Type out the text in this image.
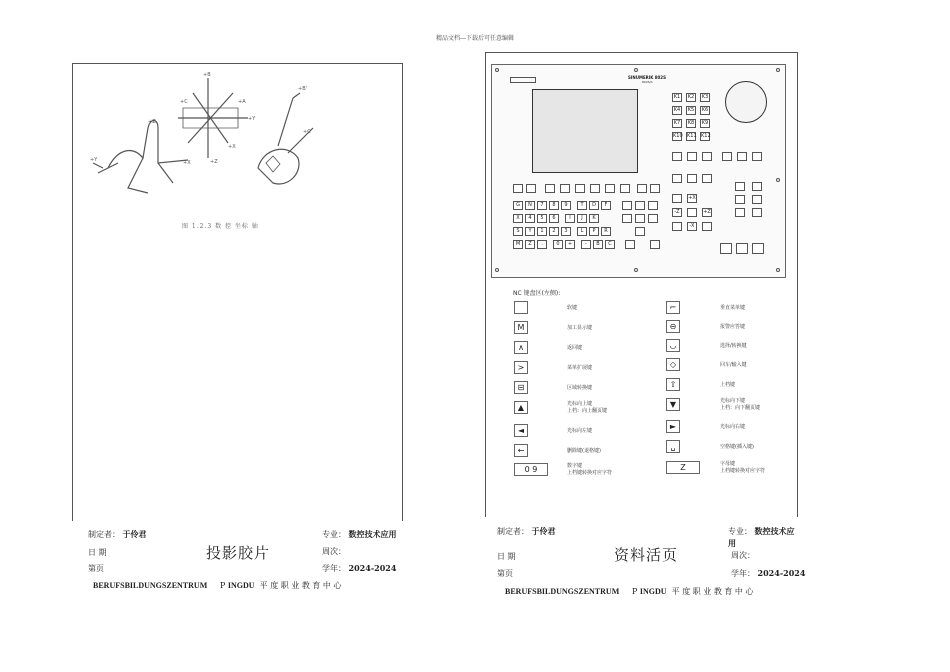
精品文档---下载后可任意编辑
+B
+C	+A
+Y
+X
+Z
+B'
+C'
+Y
+Z
+X
图 1.2.3 数 控 坐标 轴
制定者： 于伶君	专业： 数控技术应用
日 期	投影胶片	周次：
第页	学年： 2024-2024
BERUFSBILDUNGSZENTRUM P INGDU 平 度 职 业 教 育 中 心
SINUMERIK 802S
802S/C
K1	K2	K3
K4	K5	K6
K7	K8	K9
K10 K11 K12
+X
-Z	+Z
-X
G	N	7	8	9	T	D	F
X	4	5	6	I	J	K
S	Y	1	2	3	L	P	R
M	Z	.	0	+	-	B	C
NC 键盘区(左侧):
软键
M	加工显示键
∧	返回键
>	菜单扩展键
⊟	区域转换键
▲	光标向上键
上档：向上翻页键
◄	光标向左键
←	删除键(退格键)
0 9	数字键
上档键转换对应字符
⌐	垂直菜单键
⊖	报警应答键
◡	选择/转换键
◇	回车/输入键
⇧	上档键
▼	光标向下键
上档：向下翻页键
►	光标向右键
␣	空格键(插入键)
Z	字母键
上档键转换对应字符
制定者： 于伶君	专业： 数控技术应
用
日 期	资料活页	周次：
第页	学年： 2024-2024
BERUFSBILDUNGSZENTRUM P INGDU 平 度 职 业 教 育 中 心
